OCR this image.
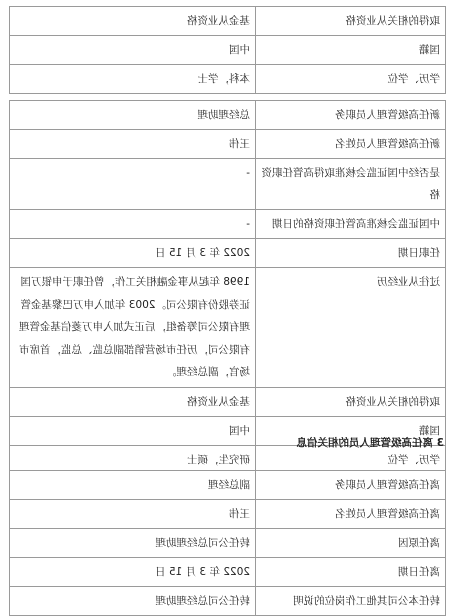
取得的相关从业资格	基金从业资格
国籍	中国
学历、学位	本科，学士
新任高级管理人员职务	总经理助理
新任高级管理人员姓名	王伟
是否经中国证监会核准取得高管任职资格	-
中国证监会核准高管任职资格的日期	-
任职日期	2022 年 3 月 15 日
过往从业经历	1998 年起从事金融相关工作，曾任职于申银万国证券股份有限公司。2003 年加入申万巴黎基金管理有限公司筹备组，后正式加入申万菱信基金管理有限公司，历任市场营销部副总监、总监，首席市场官，副总经理。
取得的相关从业资格	基金从业资格
国籍	中国
学历、学位	研究生，硕士
3 离任高级管理人员的相关信息
离任高级管理人员职务	副总经理
离任高级管理人员姓名	王伟
离任原因	转任公司总经理助理
离任日期	2022 年 3 月 15 日
转任本公司其他工作岗位的说明	转任公司总经理助理
